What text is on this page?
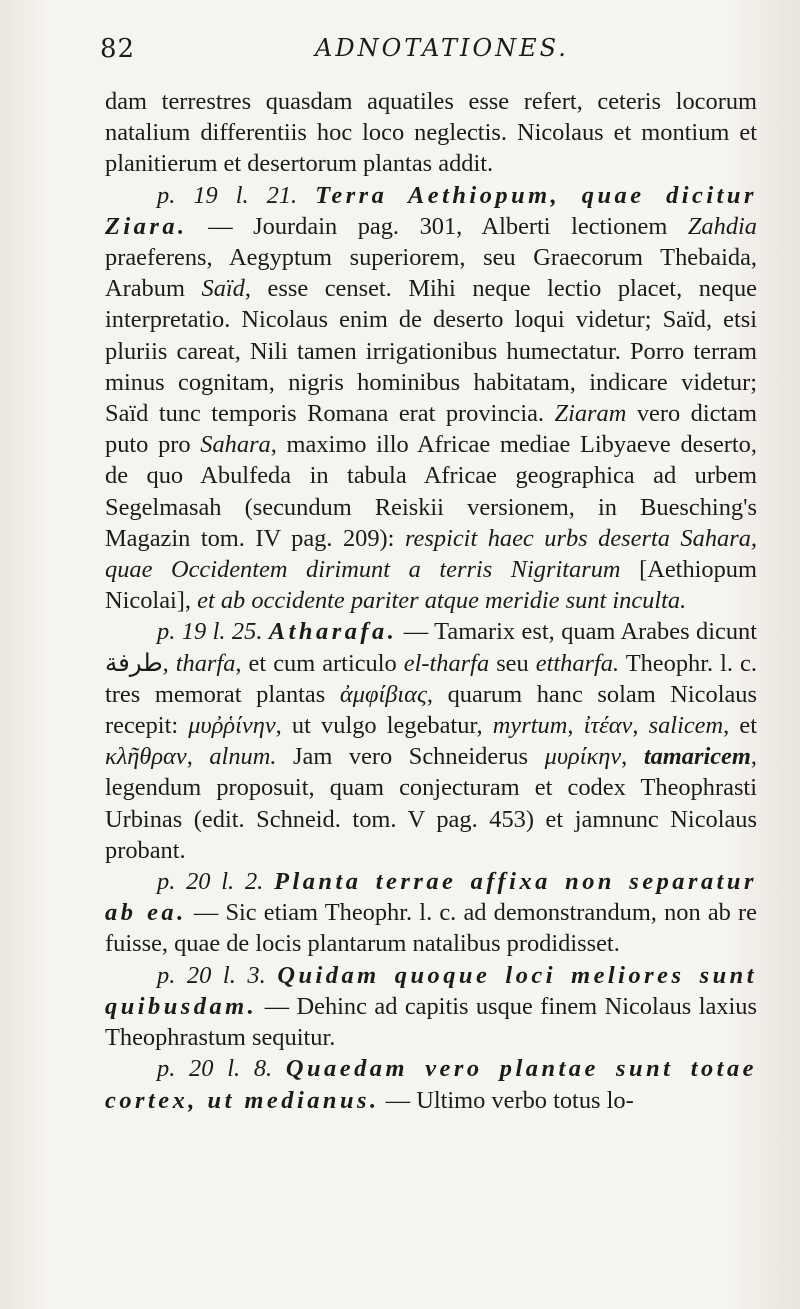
82	ADNOTATIONES.

dam terrestres quasdam aquatiles esse refert, ceteris locorum natalium differentiis hoc loco neglectis. Nicolaus et montium et planitierum et desertorum plantas addit.

p. 19 l. 21. Terra Aethiopum, quae dicitur Ziara. — Jourdain pag. 301, Alberti lectionem Zahdia praeferens, Aegyptum superiorem, seu Graecorum Thebaida, Arabum Saïd, esse censet. Mihi neque lectio placet, neque interpretatio. Nicolaus enim de deserto loqui videtur; Saïd, etsi pluriis careat, Nili tamen irrigationibus humectatur. Porro terram minus cognitam, nigris hominibus habitatam, indicare videtur; Saïd tunc temporis Romana erat provincia. Ziaram vero dictam puto pro Sahara, maximo illo Africae mediae Libyaeve deserto, de quo Abulfeda in tabula Africae geographica ad urbem Segelmasah (secundum Reiskii versionem, in Buesching's Magazin tom. IV pag. 209): respicit haec urbs deserta Sahara, quae Occidentem dirimunt a terris Nigritarum [Aethiopum Nicolai], et ab occidente pariter atque meridie sunt inculta.

p. 19 l. 25. Atharafa. — Tamarix est, quam Arabes dicunt طرفة, tharfa, et cum articulo el-tharfa seu ettharfa. Theophr. l. c. tres memorat plantas ἀμφίβιας, quarum hanc solam Nicolaus recepit: μυῤῥίνην, ut vulgo legebatur, myrtum, ἰτέαν, salicem, et κλῆθραν, alnum. Jam vero Schneiderus μυρίκην, tamaricem, legendum proposuit, quam conjecturam et codex Theophrasti Urbinas (edit. Schneid. tom. V pag. 453) et jamnunc Nicolaus probant.

p. 20 l. 2. Planta terrae affixa non separatur ab ea. — Sic etiam Theophr. l. c. ad demonstrandum, non ab re fuisse, quae de locis plantarum natalibus prodidisset.

p. 20 l. 3. Quidam quoque loci meliores sunt quibusdam. — Dehinc ad capitis usque finem Nicolaus laxius Theophrastum sequitur.

p. 20 l. 8. Quaedam vero plantae sunt totae cortex, ut medianus. — Ultimo verbo totus lo-
